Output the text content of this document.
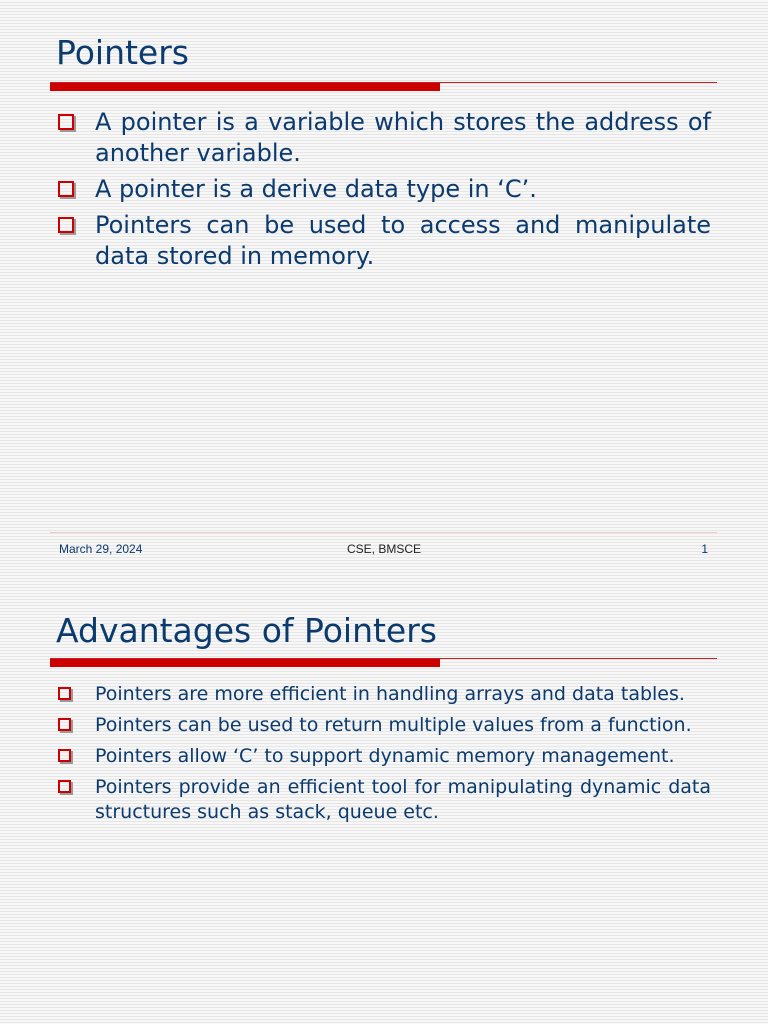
Pointers
A pointer is a variable which stores the address of another variable.
A pointer is a derive data type in ‘C’.
Pointers can be used to access and manipulate data stored in memory.
March 29, 2024	CSE, BMSCE	1
Advantages of Pointers
Pointers are more efficient in handling arrays and data tables.
Pointers can be used to return multiple values from a function.
Pointers allow ‘C’ to support dynamic memory management.
Pointers provide an efficient tool for manipulating dynamic data structures such as stack, queue etc.
